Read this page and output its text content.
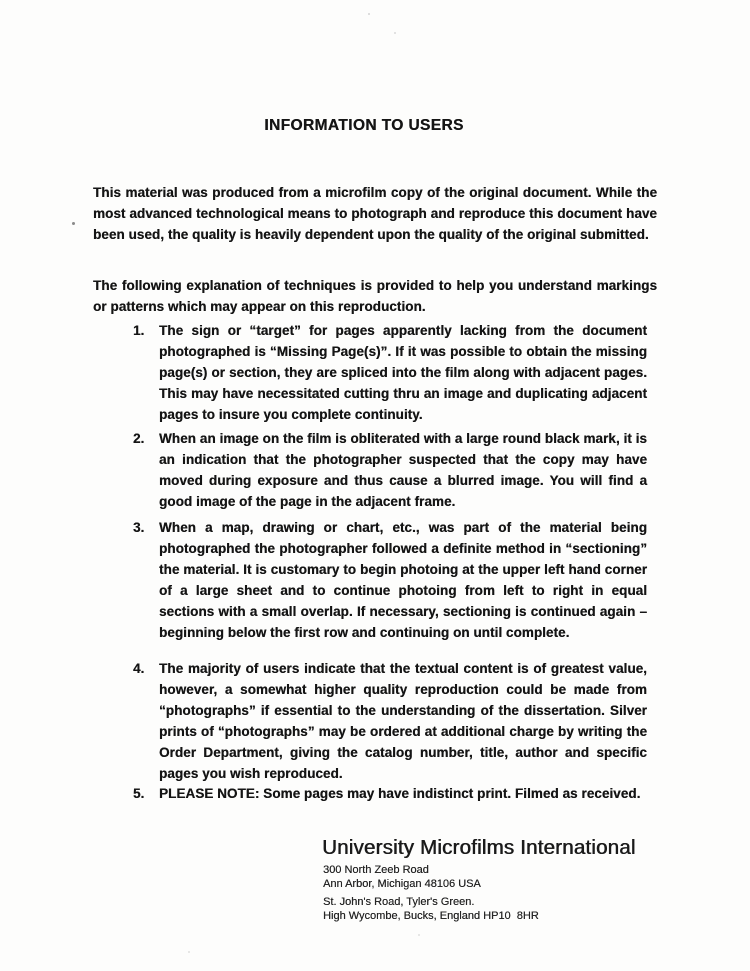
INFORMATION TO USERS

This material was produced from a microfilm copy of the original document. While the most advanced technological means to photograph and reproduce this document have been used, the quality is heavily dependent upon the quality of the original submitted.

The following explanation of techniques is provided to help you understand markings or patterns which may appear on this reproduction.

1. The sign or “target” for pages apparently lacking from the document photographed is “Missing Page(s)”. If it was possible to obtain the missing page(s) or section, they are spliced into the film along with adjacent pages. This may have necessitated cutting thru an image and duplicating adjacent pages to insure you complete continuity.
2. When an image on the film is obliterated with a large round black mark, it is an indication that the photographer suspected that the copy may have moved during exposure and thus cause a blurred image. You will find a good image of the page in the adjacent frame.
3. When a map, drawing or chart, etc., was part of the material being photographed the photographer followed a definite method in “sectioning” the material. It is customary to begin photoing at the upper left hand corner of a large sheet and to continue photoing from left to right in equal sections with a small overlap. If necessary, sectioning is continued again – beginning below the first row and continuing on until complete.
4. The majority of users indicate that the textual content is of greatest value, however, a somewhat higher quality reproduction could be made from “photographs” if essential to the understanding of the dissertation. Silver prints of “photographs” may be ordered at additional charge by writing the Order Department, giving the catalog number, title, author and specific pages you wish reproduced.
5. PLEASE NOTE: Some pages may have indistinct print. Filmed as received.
University Microfilms International
300 North Zeeb Road
Ann Arbor, Michigan 48106 USA
St. John's Road, Tyler's Green.
High Wycombe, Bucks, England HP10  8HR
